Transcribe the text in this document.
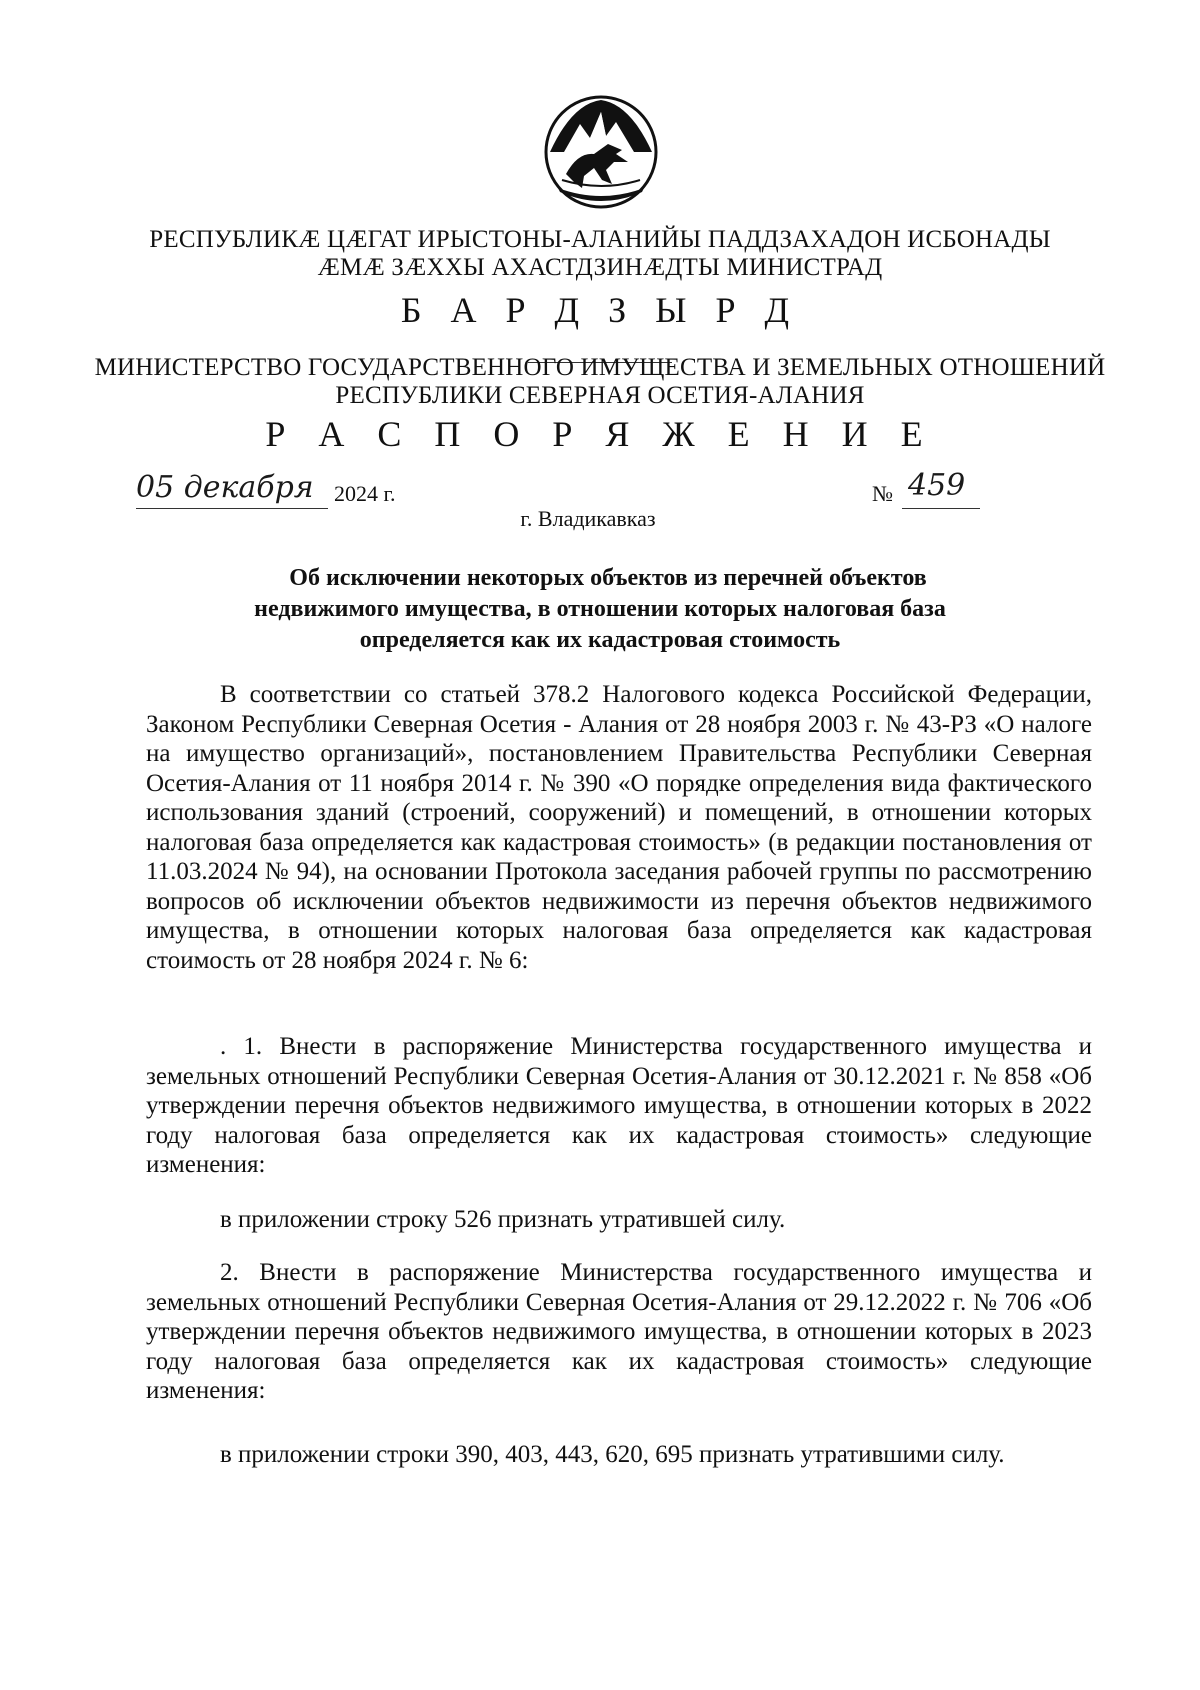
РЕСПУБЛИКӔ ЦӔГАТ ИРЫСТОНЫ-АЛАНИЙЫ ПАДДЗАХАДОН ИСБОНАДЫ
ӔМӔ ЗӔХХЫ АХАСТДЗИНӔДТЫ МИНИСТРАД
Б А Р Д З Ы Р Д
МИНИСТЕРСТВО ГОСУДАРСТВЕННОГО ИМУЩЕСТВА И ЗЕМЕЛЬНЫХ ОТНОШЕНИЙ
РЕСПУБЛИКИ СЕВЕРНАЯ ОСЕТИЯ-АЛАНИЯ
Р А С П О Р Я Ж Е Н И Е
05 декабря 2024 г.	№ 459
г. Владикавказ
Об исключении некоторых объектов из перечней объектов
недвижимого имущества, в отношении которых налоговая база
определяется как их кадастровая стоимость
В соответствии со статьей 378.2 Налогового кодекса Российской Федерации, Законом Республики Северная Осетия - Алания от 28 ноября 2003 г. № 43-РЗ «О налоге на имущество организаций», постановлением Правительства Республики Северная Осетия-Алания от 11 ноября 2014 г. № 390 «О порядке определения вида фактического использования зданий (строений, сооружений) и помещений, в отношении которых налоговая база определяется как кадастровая стоимость» (в редакции постановления от 11.03.2024 № 94), на основании Протокола заседания рабочей группы по рассмотрению вопросов об исключении объектов недвижимости из перечня объектов недвижимого имущества, в отношении которых налоговая база определяется как кадастровая стоимость от 28 ноября 2024 г. № 6:
. 1. Внести в распоряжение Министерства государственного имущества и земельных отношений Республики Северная Осетия-Алания от 30.12.2021 г. № 858 «Об утверждении перечня объектов недвижимого имущества, в отношении которых в 2022 году налоговая база определяется как их кадастровая стоимость» следующие изменения:
в приложении строку 526 признать утратившей силу.
2. Внести в распоряжение Министерства государственного имущества и земельных отношений Республики Северная Осетия-Алания от 29.12.2022 г. № 706 «Об утверждении перечня объектов недвижимого имущества, в отношении которых в 2023 году налоговая база определяется как их кадастровая стоимость» следующие изменения:
в приложении строки 390, 403, 443, 620, 695 признать утратившими силу.
